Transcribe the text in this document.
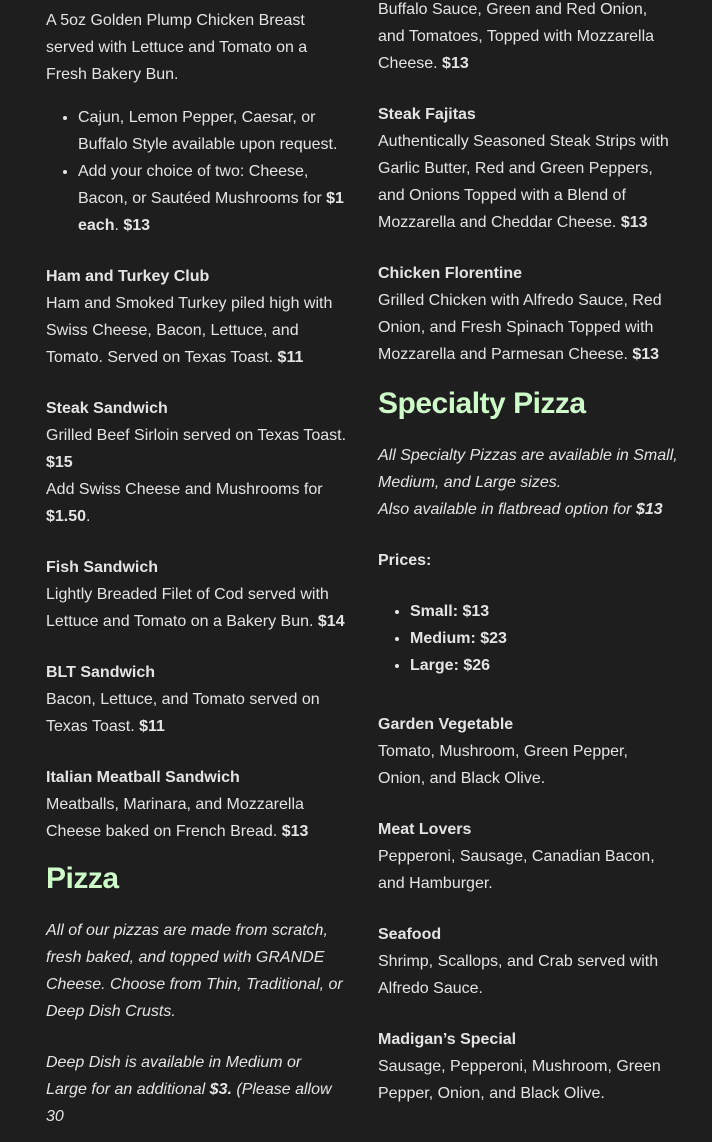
A 5oz Golden Plump Chicken Breast served with Lettuce and Tomato on a Fresh Bakery Bun.

• Cajun, Lemon Pepper, Caesar, or Buffalo Style available upon request.
• Add your choice of two: Cheese, Bacon, or Sautéed Mushrooms for $1 each. $13
Ham and Turkey Club

Ham and Smoked Turkey piled high with Swiss Cheese, Bacon, Lettuce, and Tomato. Served on Texas Toast. $11

Steak Sandwich

Grilled Beef Sirloin served on Texas Toast. $15

Add Swiss Cheese and Mushrooms for $1.50.

Fish Sandwich

Lightly Breaded Filet of Cod served with Lettuce and Tomato on a Bakery Bun. $14

BLT Sandwich

Bacon, Lettuce, and Tomato served on Texas Toast. $11

Italian Meatball Sandwich

Meatballs, Marinara, and Mozzarella Cheese baked on French Bread. $13

Pizza

All of our pizzas are made from scratch, fresh baked, and topped with GRANDE Cheese. Choose from Thin, Traditional, or Deep Dish Crusts.

Deep Dish is available in Medium or Large for an additional $3. (Please allow 30

Buffalo Sauce, Green and Red Onion, and Tomatoes, Topped with Mozzarella Cheese. $13

Steak Fajitas

Authentically Seasoned Steak Strips with Garlic Butter, Red and Green Peppers, and Onions Topped with a Blend of Mozzarella and Cheddar Cheese. $13

Chicken Florentine

Grilled Chicken with Alfredo Sauce, Red Onion, and Fresh Spinach Topped with Mozzarella and Parmesan Cheese. $13

Specialty Pizza

All Specialty Pizzas are available in Small, Medium, and Large sizes.

Also available in flatbread option for $13

Prices:

• Small: $13
• Medium: $23
• Large: $26
Garden Vegetable

Tomato, Mushroom, Green Pepper, Onion, and Black Olive.

Meat Lovers

Pepperoni, Sausage, Canadian Bacon, and Hamburger.

Seafood

Shrimp, Scallops, and Crab served with Alfredo Sauce.

Madigan’s Special

Sausage, Pepperoni, Mushroom, Green Pepper, Onion, and Black Olive.
